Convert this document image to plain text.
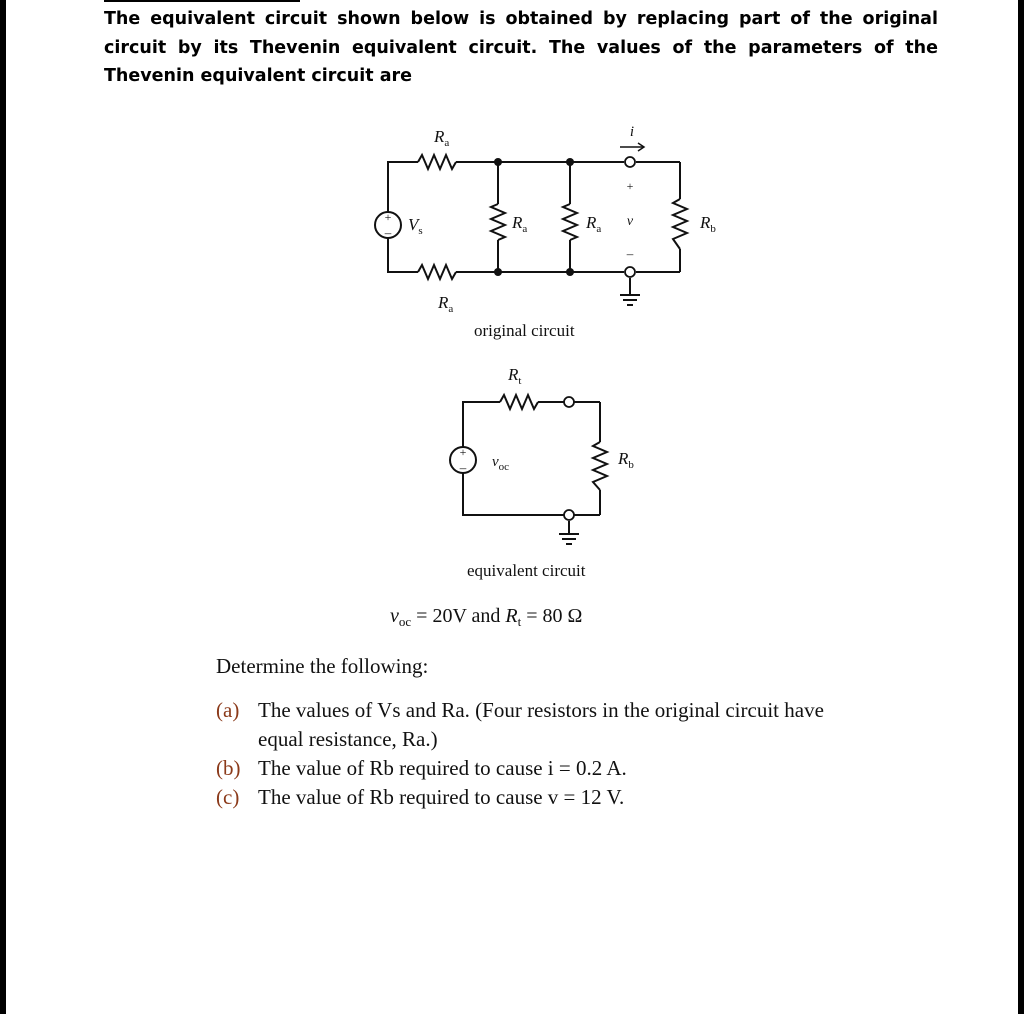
The equivalent circuit shown below is obtained by replacing part of the original circuit by its Thevenin equivalent circuit. The values of the parameters of the Thevenin equivalent circuit are

+
– $V_s$
$R_a$
$R_a$
$R_a$	$R_a$	$R_b$
i
+
v
–
original circuit
+
– $v_{oc}$
$R_t$
$R_b$
equivalent circuit
$v_{oc} = 20V$ and $R_t = 80$ Ω
Determine the following:
(a) The values of Vs and Ra. (Four resistors in the original circuit have equal resistance, Ra.)
(b) The value of Rb required to cause i = 0.2 A.
(c) The value of Rb required to cause v = 12 V.
